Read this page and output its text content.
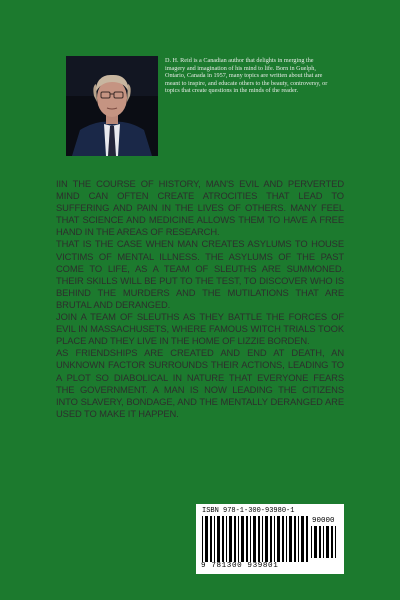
D. H. Reid is a Canadian author that delights in merging the imagery and imagination of his mind to life. Born in Guelph, Ontario, Canada in 1957, many topics are written about that are meant to inspire, and educate others to the beauty, controversy, or topics that create questions in the minds of the reader.

IIN THE COURSE OF HISTORY, MAN'S EVIL AND PERVERTED MIND CAN OFTEN CREATE ATROCITIES THAT LEAD TO SUFFERING AND PAIN IN THE LIVES OF OTHERS. MANY FEEL THAT SCIENCE AND MEDICINE ALLOWS THEM TO HAVE A FREE HAND IN THE AREAS OF RESEARCH.

THAT IS THE CASE WHEN MAN CREATES ASYLUMS TO HOUSE VICTIMS OF MENTAL ILLNESS. THE ASYLUMS OF THE PAST COME TO LIFE, AS A TEAM OF SLEUTHS ARE SUMMONED. THEIR SKILLS WILL BE PUT TO THE TEST, TO DISCOVER WHO IS BEHIND THE MURDERS AND THE MUTILATIONS THAT ARE BRUTAL AND DERANGED.

JOIN A TEAM OF SLEUTHS AS THEY BATTLE THE FORCES OF EVIL IN MASSACHUSETS, WHERE FAMOUS WITCH TRIALS TOOK PLACE AND THEY LIVE IN THE HOME OF LIZZIE BORDEN.

AS FRIENDSHIPS ARE CREATED AND END AT DEATH, AN UNKNOWN FACTOR SURROUNDS THEIR ACTIONS, LEADING TO A PLOT SO DIABOLICAL IN NATURE THAT EVERYONE FEARS THE GOVERNMENT. A MAN IS NOW LEADING THE CITIZENS INTO SLAVERY, BONDAGE, AND THE MENTALLY DERANGED ARE USED TO MAKE IT HAPPEN.

ISBN 978-1-300-93980-1
90000
9 781300 939801
